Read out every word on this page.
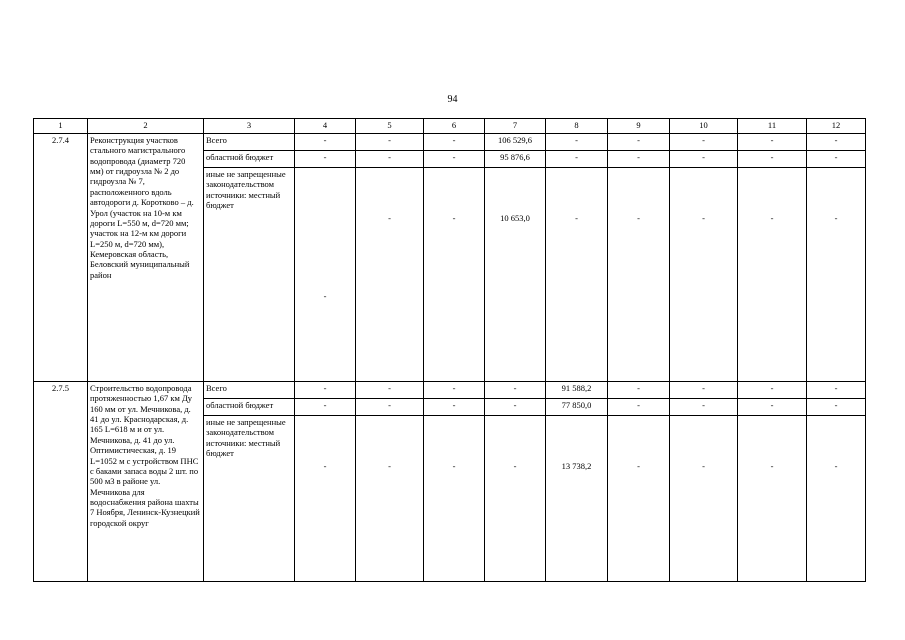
94
1	2	3	4	5	6	7	8	9	10	11	12
2.7.4	Реконструкция участков стального магистрального водопровода (диаметр 720 мм) от гидроузла № 2 до гидроузла № 7, расположенного вдоль автодороги д. Коротково – д. Урол (участок на 10-м км дороги L=550 м, d=720 мм; участок на 12-м км дороги L=250 м, d=720 мм), Кемеровская область, Беловский муниципальный район	Всего	-	-	-	106 529,6	-	-	-	-	-
		областной бюджет	-	-	-	95 876,6	-	-	-	-	-
		иные не запрещенные законодательством источники: местный бюджет	-	-	-	10 653,0	-	-	-	-	-
2.7.5	Строительство водопровода протяженностью 1,67 км Ду 160 мм от ул. Мечникова, д. 41 до ул. Краснодарская, д. 165 L=618 м и от ул. Мечникова, д. 41 до ул. Оптимистическая, д. 19 L=1052 м с устройством ПНС с баками запаса воды 2 шт. по 500 м3 в районе ул. Мечникова для водоснабжения района шахты 7 Ноября, Ленинск-Кузнецкий городской округ	Всего	-	-	-	-	91 588,2	-	-	-	-
		областной бюджет	-	-	-	-	77 850,0	-	-	-	-
		иные не запрещенные законодательством источники: местный бюджет	-	-	-	-	13 738,2	-	-	-	-
